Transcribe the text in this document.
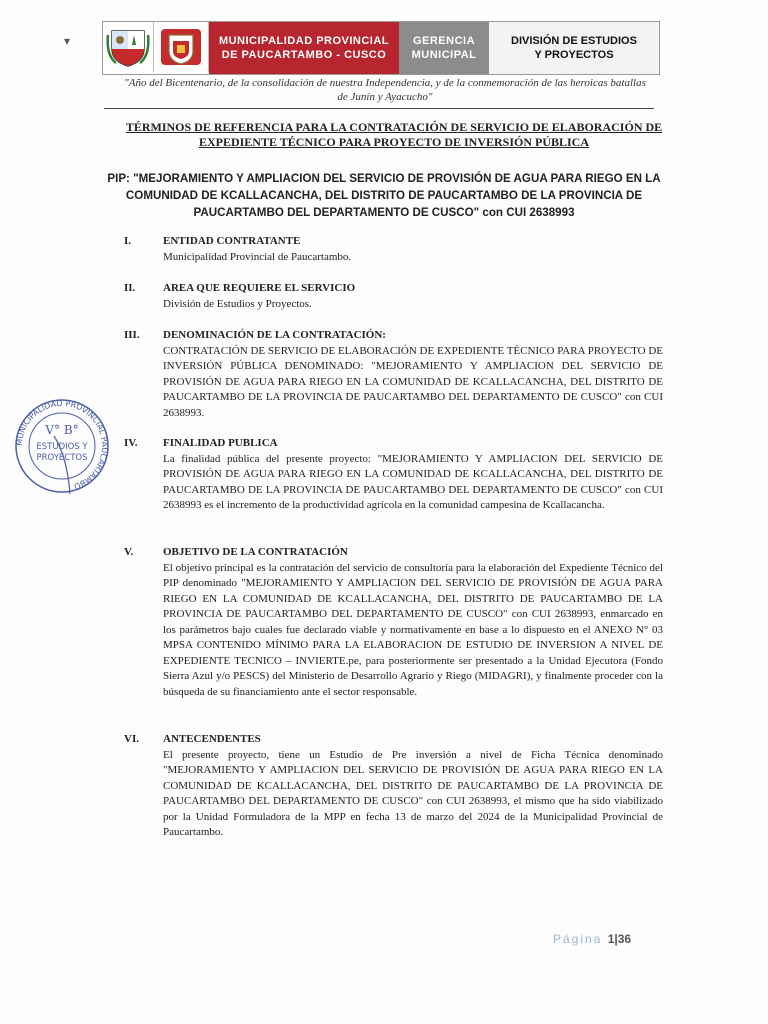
▾	MUNICIPALIDAD PROVINCIAL
DE PAUCARTAMBO - CUSCO
GERENCIA
MUNICIPAL
DIVISIÓN DE ESTUDIOS
Y PROYECTOS
"Año del Bicentenario, de la consolidación de nuestra Independencia, y de la conmemoración de las heroicas batallas de Junín y Ayacucho"
TÉRMINOS DE REFERENCIA PARA LA CONTRATACIÓN DE SERVICIO DE ELABORACIÓN DE
EXPEDIENTE TÉCNICO PARA PROYECTO DE INVERSIÓN PÚBLICA
PIP: "MEJORAMIENTO Y AMPLIACION DEL SERVICIO DE PROVISIÓN DE AGUA PARA RIEGO EN LA COMUNIDAD DE KCALLACANCHA, DEL DISTRITO DE PAUCARTAMBO DE LA PROVINCIA DE PAUCARTAMBO DEL DEPARTAMENTO DE CUSCO" con CUI 2638993
I.	ENTIDAD CONTRATANTE
Municipalidad Provincial de Paucartambo.
II.	AREA QUE REQUIERE EL SERVICIO
División de Estudios y Proyectos.
III.	DENOMINACIÓN DE LA CONTRATACIÓN:
CONTRATACIÓN DE SERVICIO DE ELABORACIÓN DE EXPEDIENTE TÉCNICO PARA PROYECTO DE INVERSIÓN PÚBLICA DENOMINADO: "MEJORAMIENTO Y AMPLIACION DEL SERVICIO DE PROVISIÓN DE AGUA PARA RIEGO EN LA COMUNIDAD DE KCALLACANCHA, DEL DISTRITO DE PAUCARTAMBO DE LA PROVINCIA DE PAUCARTAMBO DEL DEPARTAMENTO DE CUSCO" con CUI 2638993.
IV.	FINALIDAD PUBLICA
La finalidad pública del presente proyecto: "MEJORAMIENTO Y AMPLIACION DEL SERVICIO DE PROVISIÓN DE AGUA PARA RIEGO EN LA COMUNIDAD DE KCALLACANCHA, DEL DISTRITO DE PAUCARTAMBO DE LA PROVINCIA DE PAUCARTAMBO DEL DEPARTAMENTO DE CUSCO" con CUI 2638993 es el incremento de la productividad agrícola en la comunidad campesina de Kcallacancha.
V.	OBJETIVO DE LA CONTRATACIÓN
El objetivo principal es la contratación del servicio de consultoría para la elaboración del Expediente Técnico del PIP denominado "MEJORAMIENTO Y AMPLIACION DEL SERVICIO DE PROVISIÓN DE AGUA PARA RIEGO EN LA COMUNIDAD DE KCALLACANCHA, DEL DISTRITO DE PAUCARTAMBO DE LA PROVINCIA DE PAUCARTAMBO DEL DEPARTAMENTO DE CUSCO" con CUI 2638993, enmarcado en los parámetros bajo cuales fue declarado viable y normativamente en base a lo dispuesto en el ANEXO N° 03 MPSA CONTENIDO MÍNIMO PARA LA ELABORACION DE ESTUDIO DE INVERSION A NIVEL DE EXPEDIENTE TECNICO – INVIERTE.pe, para posteriormente ser presentado a la Unidad Ejecutora (Fondo Sierra Azul y/o PESCS) del Ministerio de Desarrollo Agrario y Riego (MIDAGRI), y finalmente proceder con la búsqueda de su financiamiento ante el sector responsable.
VI.	ANTECENDENTES
El presente proyecto, tiene un Estudio de Pre inversión a nivel de Ficha Técnica denominado "MEJORAMIENTO Y AMPLIACION DEL SERVICIO DE PROVISIÓN DE AGUA PARA RIEGO EN LA COMUNIDAD DE KCALLACANCHA, DEL DISTRITO DE PAUCARTAMBO DE LA PROVINCIA DE PAUCARTAMBO DEL DEPARTAMENTO DE CUSCO" con CUI 2638993, el mismo que ha sido viabilizado por la Unidad Formuladora de la MPP en fecha 13 de marzo del 2024 de la Municipalidad Provincial de Paucartambo.
MUNICIPALIDAD PROVINCIAL PAUCARTAMBO
V° B°
ESTUDIOS Y
PROYECTOS
Página 1|36
